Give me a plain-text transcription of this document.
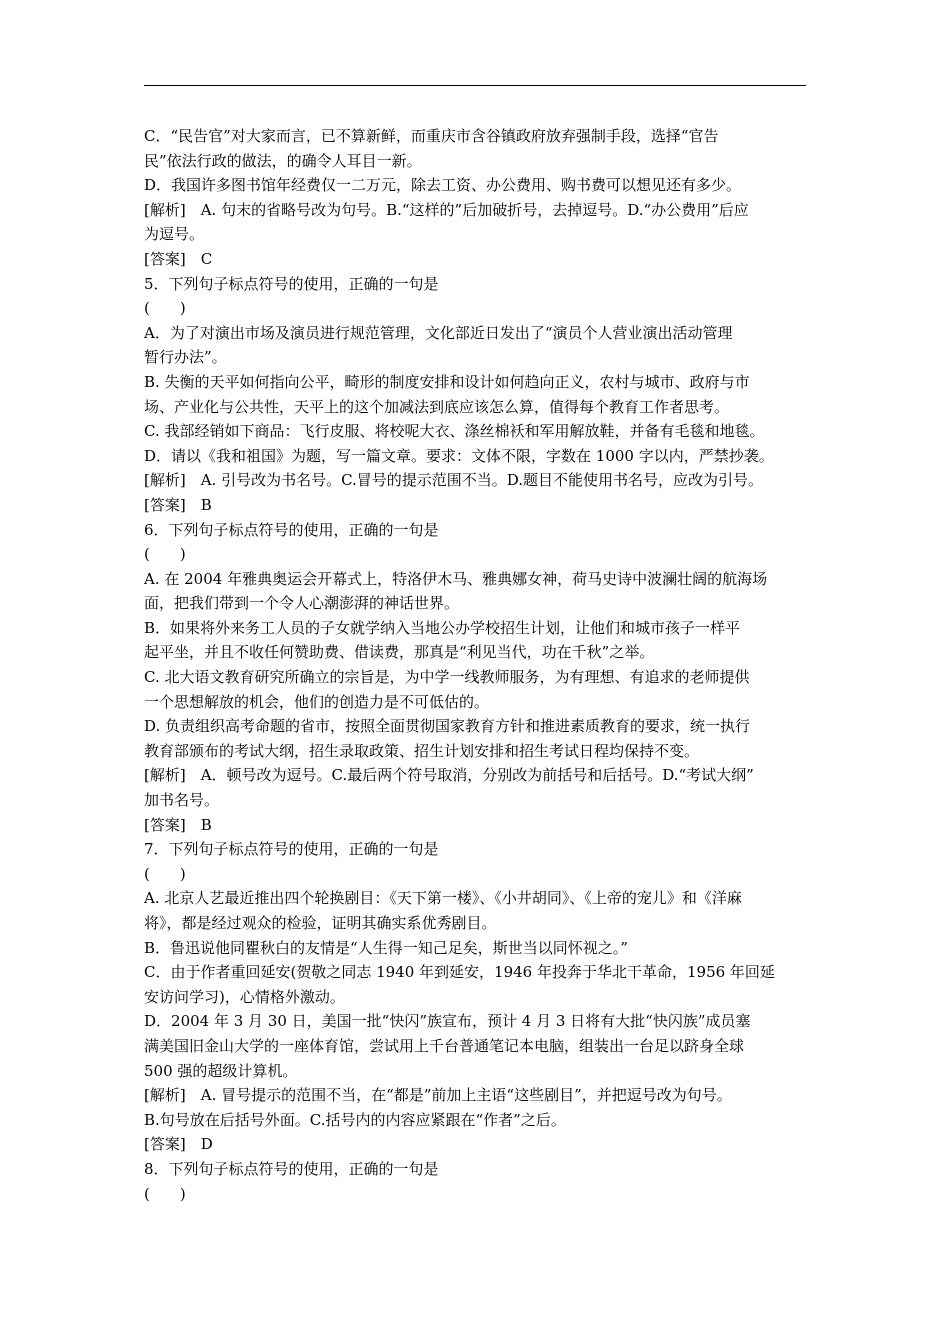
C．“民告官”对大家而言，已不算新鲜，而重庆市含谷镇政府放弃强制手段，选择“官告
民”依法行政的做法，的确令人耳目一新。
D．我国许多图书馆年经费仅一二万元，除去工资、办公费用、购书费可以想见还有多少。
[解析]　A. 句末的省略号改为句号。B.“这样的”后加破折号，去掉逗号。D.“办公费用”后应
为逗号。
[答案]　C
5．下列句子标点符号的使用，正确的一句是
(　　)
A．为了对演出市场及演员进行规范管理，文化部近日发出了“演员个人营业演出活动管理
暂行办法”。
B. 失衡的天平如何指向公平，畸形的制度安排和设计如何趋向正义，农村与城市、政府与市
场、产业化与公共性，天平上的这个加减法到底应该怎么算，值得每个教育工作者思考。
C. 我部经销如下商品：飞行皮服、将校呢大衣、涤丝棉袄和军用解放鞋，并备有毛毯和地毯。
D．请以《我和祖国》为题，写一篇文章。要求：文体不限，字数在 1000 字以内，严禁抄袭。
[解析]　A. 引号改为书名号。C.冒号的提示范围不当。D.题目不能使用书名号，应改为引号。
[答案]　B
6．下列句子标点符号的使用，正确的一句是
(　　)
A. 在 2004 年雅典奥运会开幕式上，特洛伊木马、雅典娜女神，荷马史诗中波澜壮阔的航海场
面，把我们带到一个令人心潮澎湃的神话世界。
B．如果将外来务工人员的子女就学纳入当地公办学校招生计划，让他们和城市孩子一样平
起平坐，并且不收任何赞助费、借读费，那真是“利见当代，功在千秋”之举。
C. 北大语文教育研究所确立的宗旨是，为中学一线教师服务，为有理想、有追求的老师提供
一个思想解放的机会，他们的创造力是不可低估的。
D. 负责组织高考命题的省市，按照全面贯彻国家教育方针和推进素质教育的要求，统一执行
教育部颁布的考试大纲，招生录取政策、招生计划安排和招生考试日程均保持不变。
[解析]　A．顿号改为逗号。C.最后两个符号取消，分别改为前括号和后括号。D.“考试大纲”
加书名号。
[答案]　B
7．下列句子标点符号的使用，正确的一句是
(　　)
A. 北京人艺最近推出四个轮换剧目：《天下第一楼》、《小井胡同》、《上帝的宠儿》和《洋麻
将》，都是经过观众的检验，证明其确实系优秀剧目。
B．鲁迅说他同瞿秋白的友情是“人生得一知己足矣，斯世当以同怀视之。”
C．由于作者重回延安(贺敬之同志 1940 年到延安，1946 年投奔于华北干革命，1956 年回延
安访问学习)，心情格外激动。
D．2004 年 3 月 30 日，美国一批“快闪”族宣布，预计 4 月 3 日将有大批“快闪族”成员塞
满美国旧金山大学的一座体育馆，尝试用上千台普通笔记本电脑，组装出一台足以跻身全球
500 强的超级计算机。
[解析]　A. 冒号提示的范围不当，在“都是”前加上主语“这些剧目”，并把逗号改为句号。
B.句号放在后括号外面。C.括号内的内容应紧跟在“作者”之后。
[答案]　D
8．下列句子标点符号的使用，正确的一句是
(　　)
